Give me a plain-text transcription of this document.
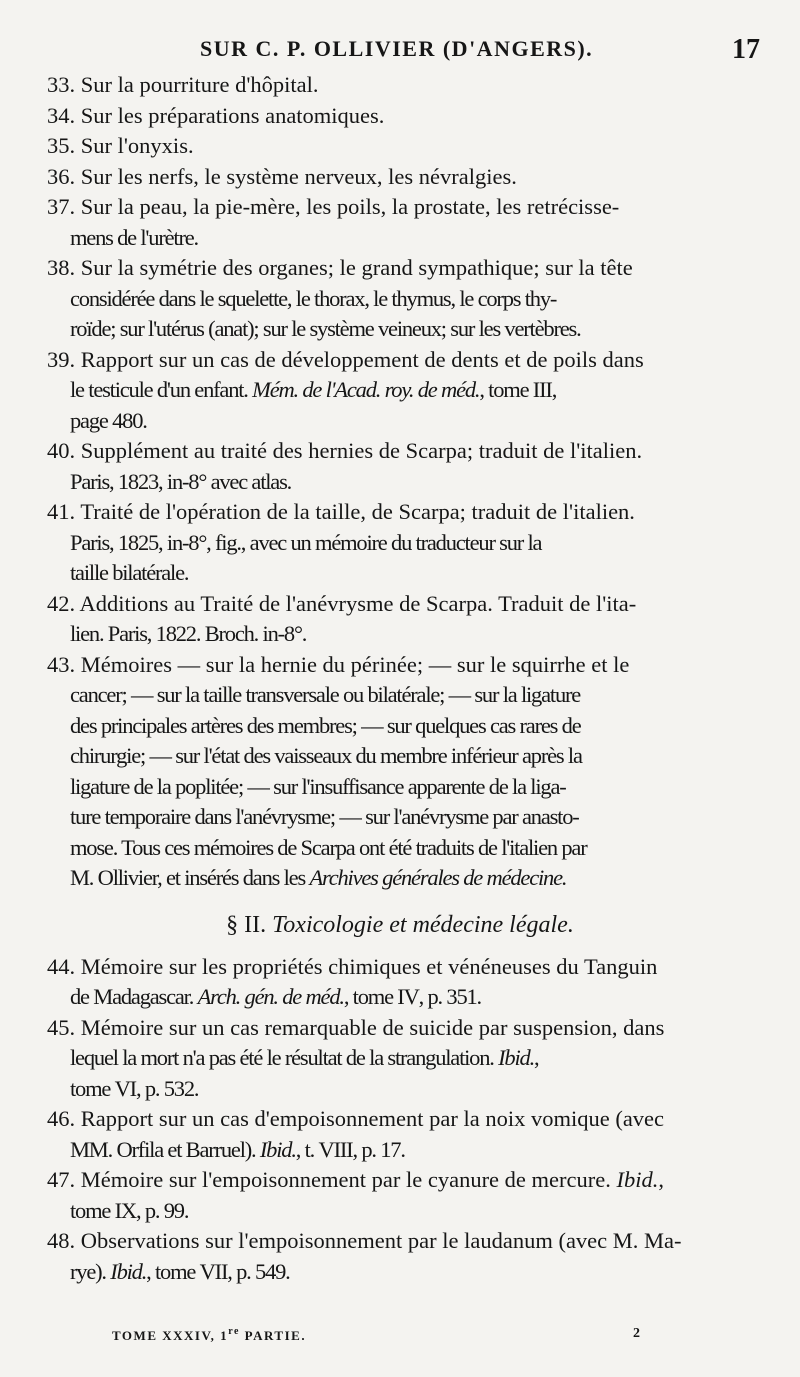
SUR C. P. OLLIVIER (D'ANGERS).	17
33. Sur la pourriture d'hôpital.
34. Sur les préparations anatomiques.
35. Sur l'onyxis.
36. Sur les nerfs, le système nerveux, les névralgies.
37. Sur la peau, la pie-mère, les poils, la prostate, les retrécisse-
mens de l'urètre.
38. Sur la symétrie des organes; le grand sympathique; sur la tête
considérée dans le squelette, le thorax, le thymus, le corps thy-
roïde; sur l'utérus (anat); sur le système veineux; sur les vertèbres.
39. Rapport sur un cas de développement de dents et de poils dans
le testicule d'un enfant. Mém. de l'Acad. roy. de méd., tome III,
page 480.
40. Supplément au traité des hernies de Scarpa; traduit de l'italien.
Paris, 1823, in-8° avec atlas.
41. Traité de l'opération de la taille, de Scarpa; traduit de l'italien.
Paris, 1825, in-8°, fig., avec un mémoire du traducteur sur la
taille bilatérale.
42. Additions au Traité de l'anévrysme de Scarpa. Traduit de l'ita-
lien. Paris, 1822. Broch. in-8°.
43. Mémoires — sur la hernie du périnée; — sur le squirrhe et le
cancer; — sur la taille transversale ou bilatérale; — sur la ligature
des principales artères des membres; — sur quelques cas rares de
chirurgie; — sur l'état des vaisseaux du membre inférieur après la
ligature de la poplitée; — sur l'insuffisance apparente de la liga-
ture temporaire dans l'anévrysme; — sur l'anévrysme par anasto-
mose. Tous ces mémoires de Scarpa ont été traduits de l'italien par
M. Ollivier, et insérés dans les Archives générales de médecine.
§ II. Toxicologie et médecine légale.
44. Mémoire sur les propriétés chimiques et vénéneuses du Tanguin
de Madagascar. Arch. gén. de méd., tome IV, p. 351.
45. Mémoire sur un cas remarquable de suicide par suspension, dans
lequel la mort n'a pas été le résultat de la strangulation. Ibid.,
tome VI, p. 532.
46. Rapport sur un cas d'empoisonnement par la noix vomique (avec
MM. Orfila et Barruel). Ibid., t. VIII, p. 17.
47. Mémoire sur l'empoisonnement par le cyanure de mercure. Ibid.,
tome IX, p. 99.
48. Observations sur l'empoisonnement par le laudanum (avec M. Ma-
rye). Ibid., tome VII, p. 549.
TOME XXXIV, 1re PARTIE.	2
